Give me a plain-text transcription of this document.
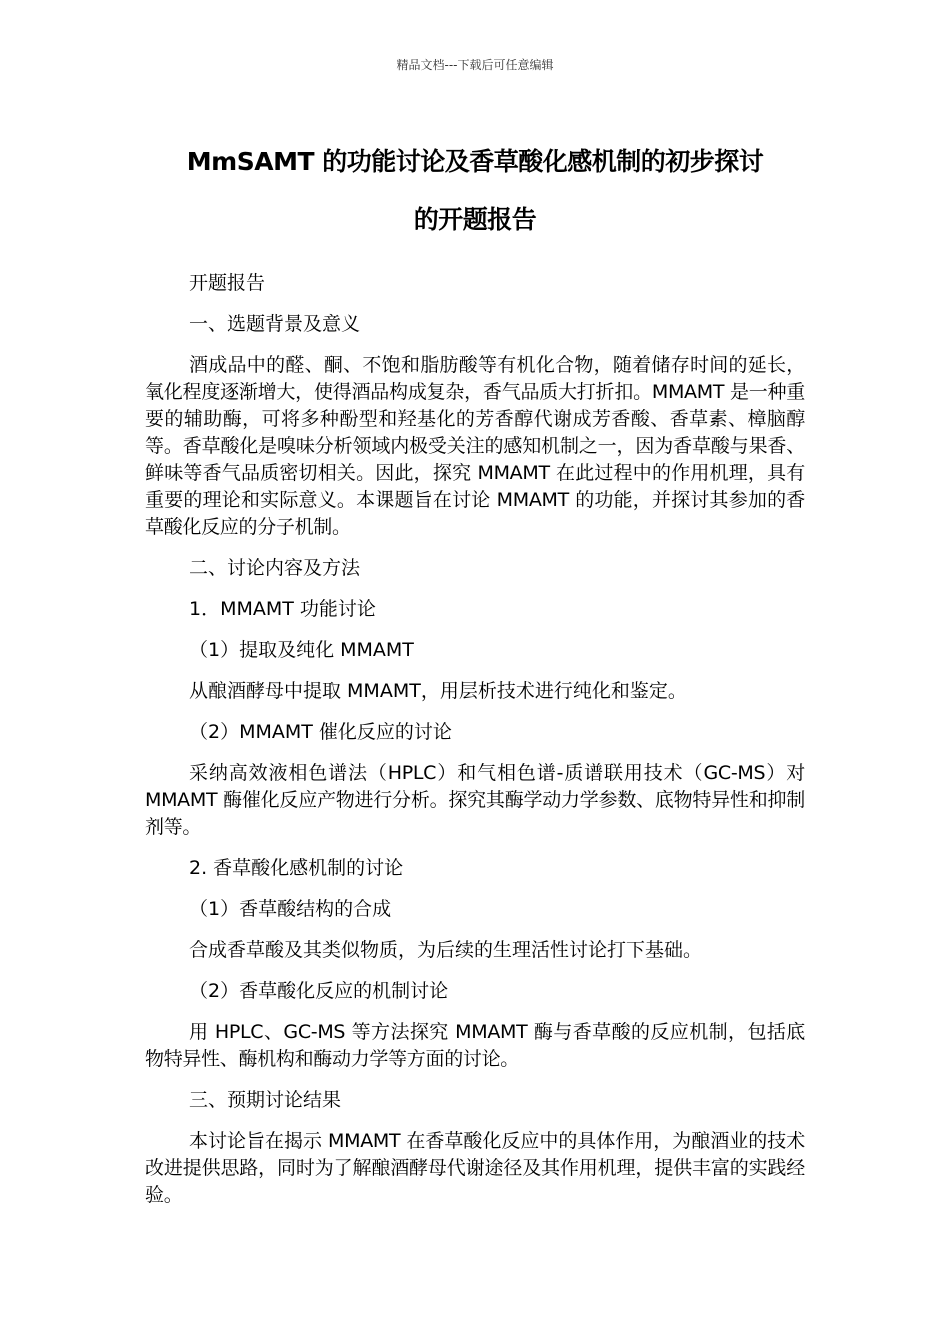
精品文档---下载后可任意编辑
MmSAMT 的功能讨论及香草酸化感机制的初步探讨
的开题报告

开题报告

一、选题背景及意义

酒成品中的醛、酮、不饱和脂肪酸等有机化合物，随着储存时间的延长，氧化程度逐渐增大，使得酒品构成复杂，香气品质大打折扣。MMAMT 是一种重要的辅助酶，可将多种酚型和羟基化的芳香醇代谢成芳香酸、香草素、樟脑醇等。香草酸化是嗅味分析领域内极受关注的感知机制之一，因为香草酸与果香、鲜味等香气品质密切相关。因此，探究 MMAMT 在此过程中的作用机理，具有重要的理论和实际意义。本课题旨在讨论 MMAMT 的功能，并探讨其参加的香草酸化反应的分子机制。

二、讨论内容及方法

1．MMAMT 功能讨论

（1）提取及纯化 MMAMT

从酿酒酵母中提取 MMAMT，用层析技术进行纯化和鉴定。

（2）MMAMT 催化反应的讨论

采纳高效液相色谱法（HPLC）和气相色谱-质谱联用技术（GC-MS）对 MMAMT 酶催化反应产物进行分析。探究其酶学动力学参数、底物特异性和抑制剂等。

2. 香草酸化感机制的讨论

（1）香草酸结构的合成

合成香草酸及其类似物质，为后续的生理活性讨论打下基础。

（2）香草酸化反应的机制讨论

用 HPLC、GC-MS 等方法探究 MMAMT 酶与香草酸的反应机制，包括底物特异性、酶机构和酶动力学等方面的讨论。

三、预期讨论结果

本讨论旨在揭示 MMAMT 在香草酸化反应中的具体作用，为酿酒业的技术改进提供思路，同时为了解酿酒酵母代谢途径及其作用机理，提供丰富的实践经验。
